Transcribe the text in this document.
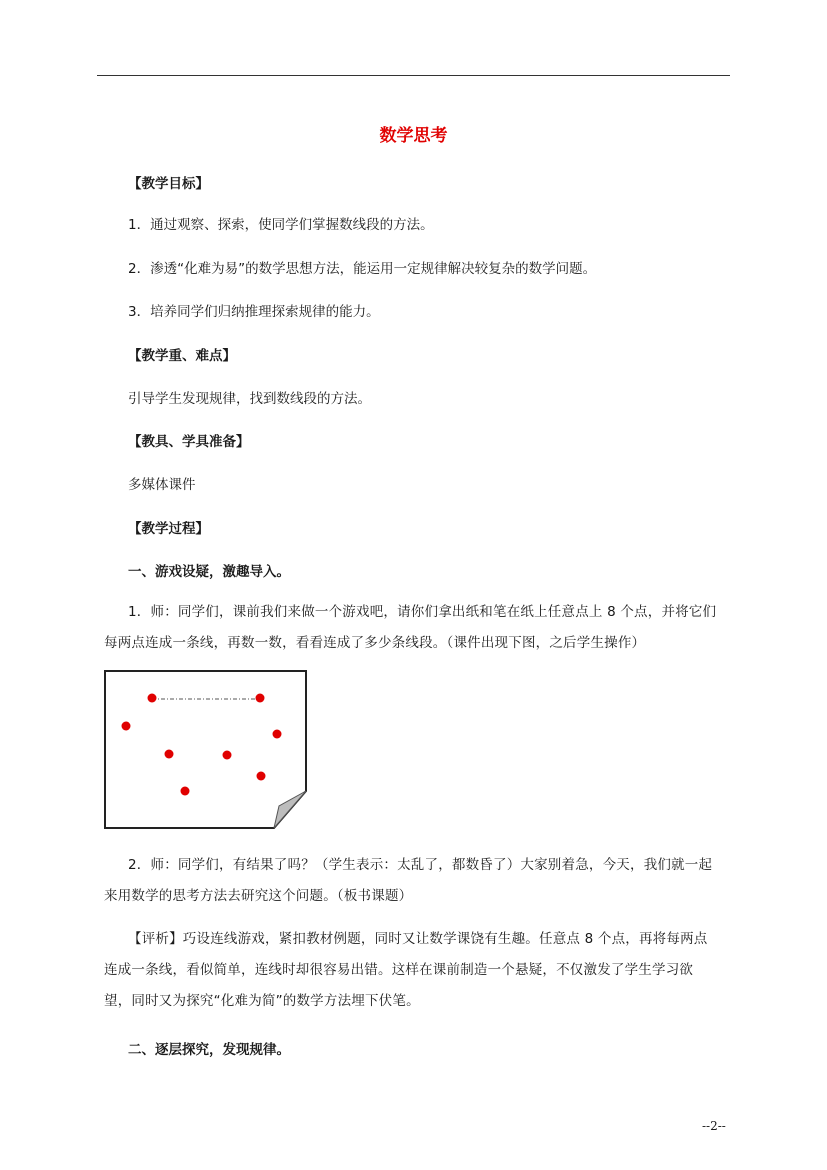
数学思考
【教学目标】
1．通过观察、探索，使同学们掌握数线段的方法。
2．渗透“化难为易”的数学思想方法，能运用一定规律解决较复杂的数学问题。
3．培养同学们归纳推理探索规律的能力。
【教学重、难点】
引导学生发现规律，找到数线段的方法。
【教具、学具准备】
多媒体课件
【教学过程】
一、游戏设疑，激趣导入。
1．师：同学们，课前我们来做一个游戏吧，请你们拿出纸和笔在纸上任意点上 8 个点，并将它们每两点连成一条线，再数一数，看看连成了多少条线段。（课件出现下图，之后学生操作）
2．师：同学们，有结果了吗？（学生表示：太乱了，都数昏了）大家别着急，今天，我们就一起来用数学的思考方法去研究这个问题。（板书课题）
【评析】巧设连线游戏，紧扣教材例题，同时又让数学课饶有生趣。任意点 8 个点，再将每两点连成一条线，看似简单，连线时却很容易出错。这样在课前制造一个悬疑，不仅激发了学生学习欲望，同时又为探究“化难为简”的数学方法埋下伏笔。
二、逐层探究，发现规律。
--2--
